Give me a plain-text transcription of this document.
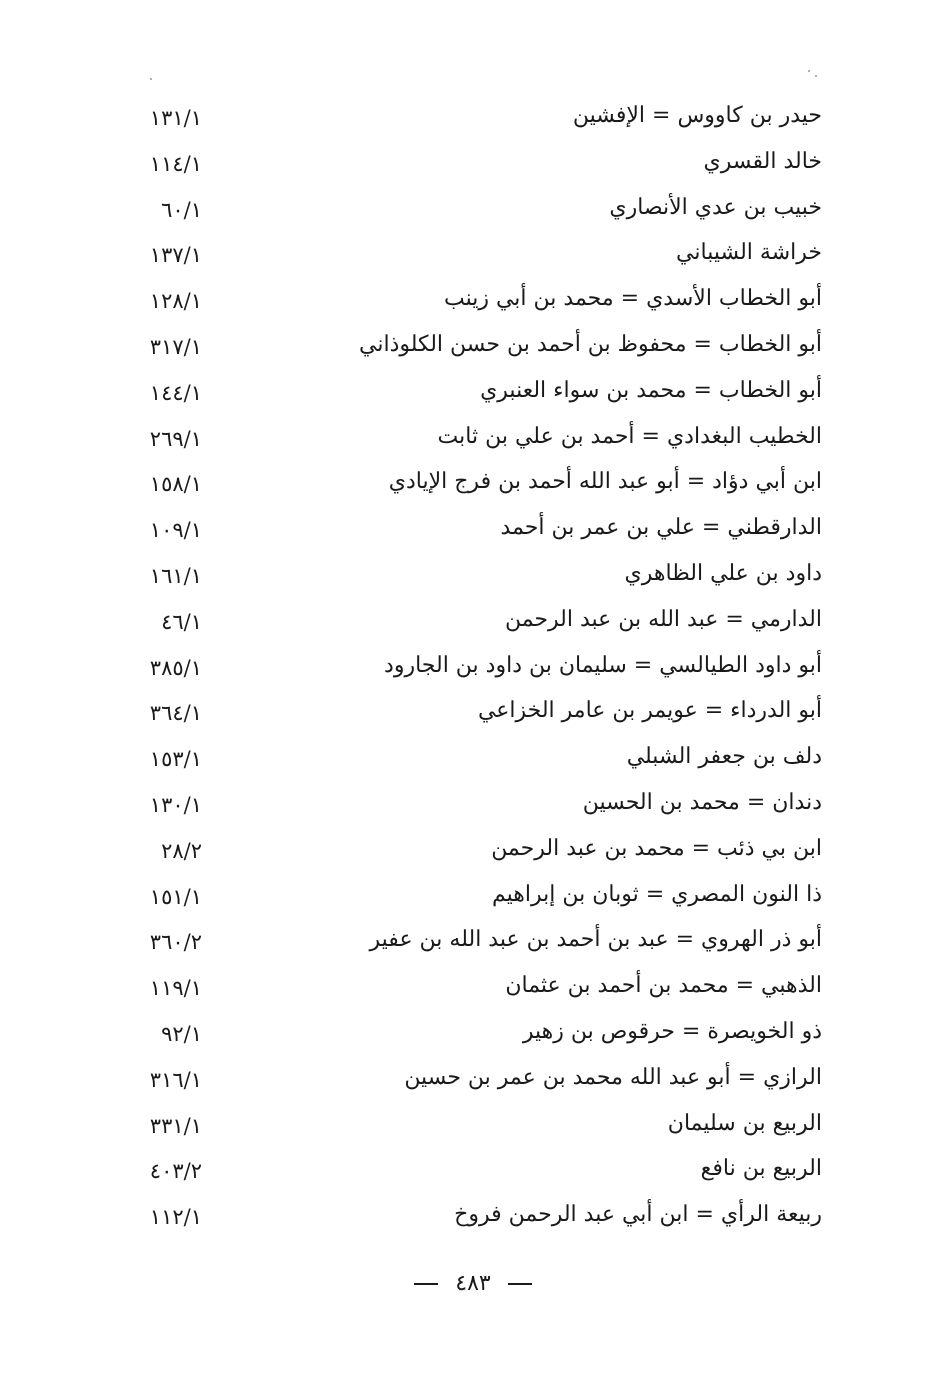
حيدر بن كاووس = الإفشين
١٣١/١
خالد القسري
١١٤/١
خبيب بن عدي الأنصاري
٦٠/١
خراشة الشيباني
١٣٧/١
أبو الخطاب الأسدي = محمد بن أبي زينب
١٢٨/١
أبو الخطاب = محفوظ بن أحمد بن حسن الكلوذاني
٣١٧/١
أبو الخطاب = محمد بن سواء العنبري
١٤٤/١
الخطيب البغدادي = أحمد بن علي بن ثابت
٢٦٩/١
ابن أبي دؤاد = أبو عبد الله أحمد بن فرج الإيادي
١٥٨/١
الدارقطني = علي بن عمر بن أحمد
١٠٩/١
داود بن علي الظاهري
١٦١/١
الدارمي = عبد الله بن عبد الرحمن
٤٦/١
أبو داود الطيالسي = سليمان بن داود بن الجارود
٣٨٥/١
أبو الدرداء = عويمر بن عامر الخزاعي
٣٦٤/١
دلف بن جعفر الشبلي
١٥٣/١
دندان = محمد بن الحسين
١٣٠/١
ابن بي ذئب = محمد بن عبد الرحمن
٢٨/٢
ذا النون المصري = ثوبان بن إبراهيم
١٥١/١
أبو ذر الهروي = عبد بن أحمد بن عبد الله بن عفير
٣٦٠/٢
الذهبي = محمد بن أحمد بن عثمان
١١٩/١
ذو الخويصرة = حرقوص بن زهير
٩٢/١
الرازي = أبو عبد الله محمد بن عمر بن حسين
٣١٦/١
الربيع بن سليمان
٣٣١/١
الربيع بن نافع
٤٠٣/٢
ربيعة الرأي = ابن أبي عبد الرحمن فروخ
١١٢/١
٤٨٣
